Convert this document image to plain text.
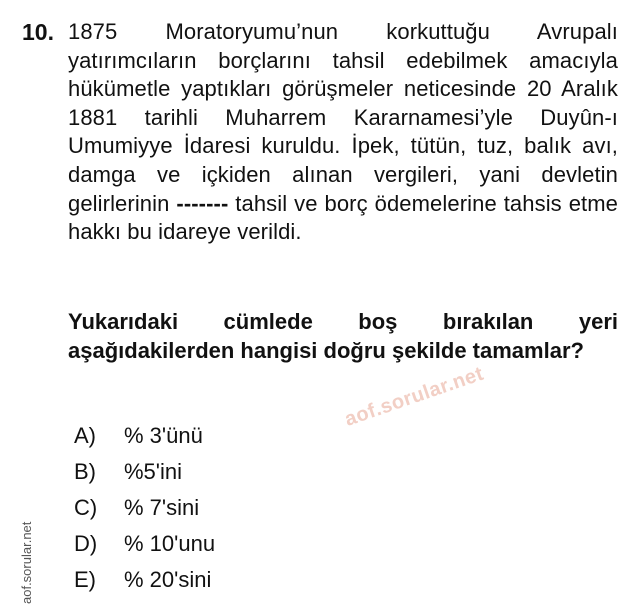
10. 1875 Moratoryumu’nun korkuttuğu Avrupalı yatırımcıların borçlarını tahsil edebilmek amacıyla hükümetle yaptıkları görüşmeler neticesinde 20 Aralık 1881 tarihli Muharrem Kararnamesi’yle Duyûn-ı Umumiyye İdaresi kuruldu. İpek, tütün, tuz, balık avı, damga ve içkiden alınan vergileri, yani devletin gelirlerinin ------- tahsil ve borç ödemelerine tahsis etme hakkı bu idareye verildi.
Yukarıdaki cümlede boş bırakılan yeri aşağıdakilerden hangisi doğru şekilde tamamlar?
A)	% 3'ünü
B)	%5'ini
C)	% 7'sini
D)	% 10'unu
E)	% 20'sini
aof.sorular.net
aof.sorular.net
